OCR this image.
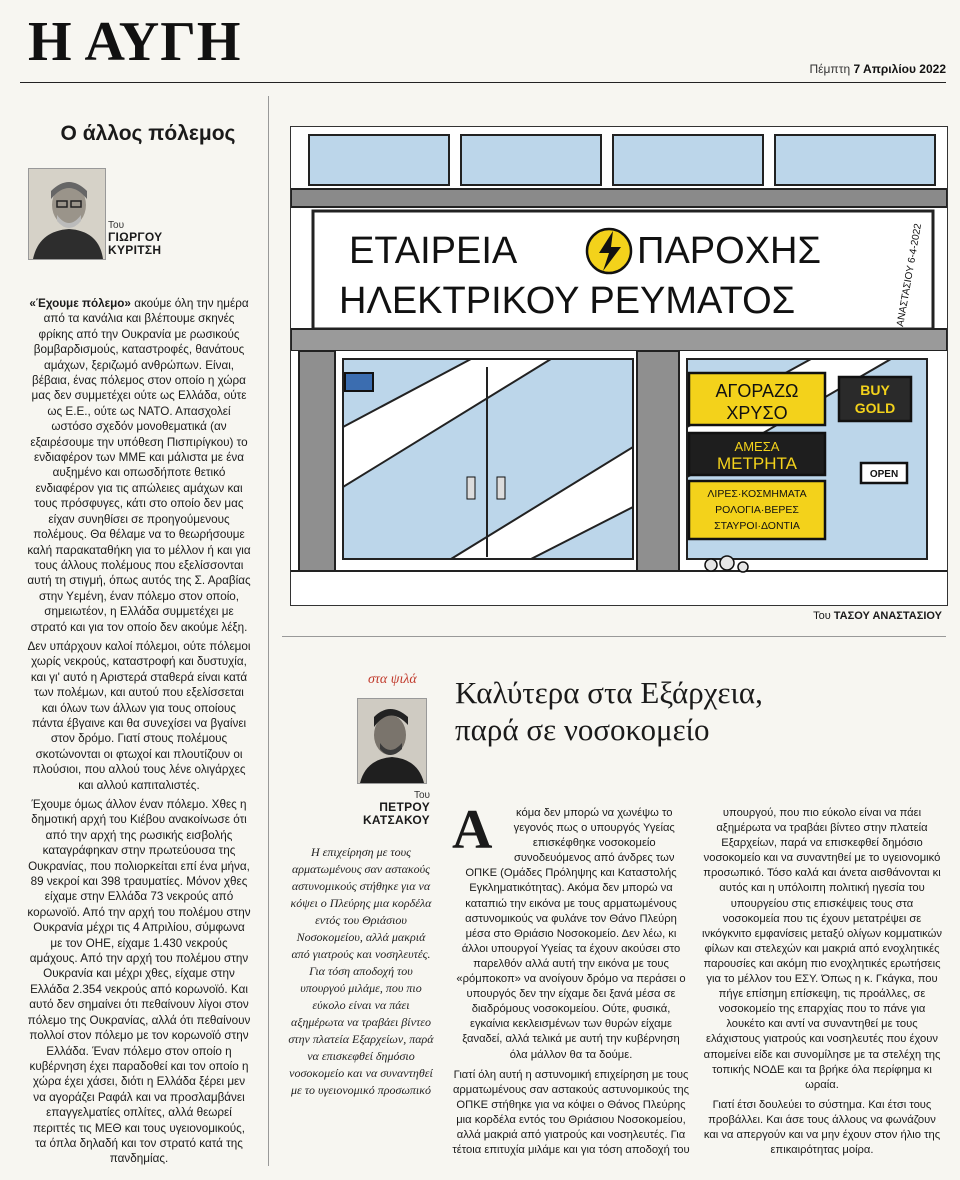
Η ΑΥΓΗ	Πέμπτη 7 Απριλίου 2022
Ο άλλος πόλεμος
Του
ΓΙΩΡΓΟΥ
ΚΥΡΙΤΣΗ

«Έχουμε πόλεμο» ακούμε όλη την ημέρα από τα κανάλια και βλέπουμε σκηνές φρίκης από την Ουκρανία με ρωσικούς βομβαρδισμούς, καταστροφές, θανάτους αμάχων, ξεριζωμό ανθρώπων. Είναι, βέβαια, ένας πόλεμος στον οποίο η χώρα μας δεν συμμετέχει ούτε ως Ελλάδα, ούτε ως Ε.Ε., ούτε ως ΝΑΤΟ. Απασχολεί ωστόσο σχεδόν μονοθεματικά (αν εξαιρέσουμε την υπόθεση Πισπιρίγκου) το ενδιαφέρον των ΜΜΕ και μάλιστα με ένα αυξημένο και οπωσδήποτε θετικό ενδιαφέρον για τις απώλειες αμάχων και τους πρόσφυγες, κάτι στο οποίο δεν μας είχαν συνηθίσει σε προηγούμενους πολέμους. Θα θέλαμε να το θεωρήσουμε καλή παρακαταθήκη για το μέλλον ή και για τους άλλους πολέμους που εξελίσσονται αυτή τη στιγμή, όπως αυτός της Σ. Αραβίας στην Υεμένη, έναν πόλεμο στον οποίο, σημειωτέον, η Ελλάδα συμμετέχει με στρατό και για τον οποίο δεν ακούμε λέξη.

Δεν υπάρχουν καλοί πόλεμοι, ούτε πόλεμοι χωρίς νεκρούς, καταστροφή και δυστυχία, και γι' αυτό η Αριστερά σταθερά είναι κατά των πολέμων, και αυτού που εξελίσσεται και όλων των άλλων για τους οποίους πάντα έβγαινε και θα συνεχίσει να βγαίνει στον δρόμο. Γιατί στους πολέμους σκοτώνονται οι φτωχοί και πλουτίζουν οι πλούσιοι, που αλλού τους λένε ολιγάρχες και αλλού καπιταλιστές.

Έχουμε όμως άλλον έναν πόλεμο. Χθες η δημοτική αρχή του Κιέβου ανακοίνωσε ότι από την αρχή της ρωσικής εισβολής καταγράφηκαν στην πρωτεύουσα της Ουκρανίας, που πολιορκείται επί ένα μήνα, 89 νεκροί και 398 τραυματίες. Μόνον χθες είχαμε στην Ελλάδα 73 νεκρούς από κορωνοϊό. Από την αρχή του πολέμου στην Ουκρανία μέχρι τις 4 Απριλίου, σύμφωνα με τον ΟΗΕ, είχαμε 1.430 νεκρούς αμάχους. Από την αρχή του πολέμου στην Ουκρανία και μέχρι χθες, είχαμε στην Ελλάδα 2.354 νεκρούς από κορωνοϊό. Και αυτό δεν σημαίνει ότι πεθαίνουν λίγοι στον πόλεμο της Ουκρανίας, αλλά ότι πεθαίνουν πολλοί στον πόλεμο με τον κορωνοϊό στην Ελλάδα. Έναν πόλεμο στον οποίο η κυβέρνηση έχει παραδοθεί και τον οποίο η χώρα έχει χάσει, διότι η Ελλάδα ξέρει μεν να αγοράζει Ραφάλ και να προσλαμβάνει επαγγελματίες οπλίτες, αλλά θεωρεί περιττές τις ΜΕΘ και τους υγειονομικούς, τα όπλα δηλαδή και τον στρατό κατά της πανδημίας.

ΕΤΑΙΡΕΙΑ	ΠΑΡΟΧΗΣ
ΗΛΕΚΤΡΙΚΟΥ ΡΕΥΜΑΤΟΣ	ΑΝΑΣΤΑΣΙΟΥ 6-4-2022
ΑΓΟΡΑΖΩ
ΧΡΥΣΟ
BUY
GOLD
ΑΜΕΣΑ
ΜΕΤΡΗΤΑ
ΛΙΡΕΣ·ΚΟΣΜΗΜΑΤΑ
ΡΟΛΟΓΙΑ·ΒΕΡΕΣ
ΣΤΑΥΡΟΙ·ΔΟΝΤΙΑ
OPEN
Του ΤΑΣΟΥ ΑΝΑΣΤΑΣΙΟΥ
στα ψιλά Καλύτερα στα Εξάρχεια,
παρά σε νοσοκομείο
Του
ΠΕΤΡΟΥ
ΚΑΤΣΑΚΟΥ
Η επιχείρηση με τους αρματωμένους σαν αστακούς αστυνομικούς στήθηκε για να κόψει ο Πλεύρης μια κορδέλα εντός του Θριάσιου Νοσοκομείου, αλλά μακριά από γιατρούς και νοσηλευτές. Για τόση αποδοχή του υπουργού μιλάμε, που πιο εύκολο είναι να πάει αξημέρωτα να τραβάει βίντεο στην πλατεία Εξαρχείων, παρά να επισκεφθεί δημόσιο νοσοκομείο και να συναντηθεί με το υγειονομικό προσωπικό

Α κόμα δεν μπορώ να χωνέψω το γεγονός πως ο υπουργός Υγείας επισκέφθηκε νοσοκομείο συνοδευόμενος από άνδρες των ΟΠΚΕ (Ομάδες Πρόληψης και Καταστολής Εγκληματικότητας). Ακόμα δεν μπορώ να καταπιώ την εικόνα με τους αρματωμένους αστυνομικούς να φυλάνε τον Θάνο Πλεύρη μέσα στο Θριάσιο Νοσοκομείο. Δεν λέω, κι άλλοι υπουργοί Υγείας τα έχουν ακούσει στο παρελθόν αλλά αυτή την εικόνα με τους «ρόμποκοπ» να ανοίγουν δρόμο να περάσει ο υπουργός δεν την είχαμε δει ξανά μέσα σε διαδρόμους νοσοκομείου. Ούτε, φυσικά, εγκαίνια κεκλεισμένων των θυρών είχαμε ξαναδεί, αλλά τελικά με αυτή την κυβέρνηση όλα μάλλον θα τα δούμε.

Γιατί όλη αυτή η αστυνομική επιχείρηση με τους αρματωμένους σαν αστακούς αστυνομικούς της ΟΠΚΕ στήθηκε για να κόψει ο Θάνος Πλεύρης μια κορδέλα εντός του Θριάσιου Νοσοκομείου, αλλά μακριά από γιατρούς και νοσηλευτές. Για τέτοια επιτυχία μιλάμε και για τόση αποδοχή του

υπουργού, που πιο εύκολο είναι να πάει αξημέρωτα να τραβάει βίντεο στην πλατεία Εξαρχείων, παρά να επισκεφθεί δημόσιο νοσοκομείο και να συναντηθεί με το υγειονομικό προσωπικό. Τόσο καλά και άνετα αισθάνονται κι αυτός και η υπόλοιπη πολιτική ηγεσία του υπουργείου στις επισκέψεις τους στα νοσοκομεία που τις έχουν μετατρέψει σε ινκόγκνιτο εμφανίσεις μεταξύ ολίγων κομματικών φίλων και στελεχών και μακριά από ενοχλητικές παρουσίες και ακόμη πιο ενοχλητικές ερωτήσεις για το μέλλον του ΕΣΥ. Όπως η κ. Γκάγκα, που πήγε επίσημη επίσκεψη, τις προάλλες, σε νοσοκομείο της επαρχίας που το πάνε για λουκέτο και αντί να συναντηθεί με τους ελάχιστους γιατρούς και νοσηλευτές που έχουν απομείνει είδε και συνομίλησε με τα στελέχη της τοπικής ΝΟΔΕ και τα βρήκε όλα περίφημα κι ωραία.

Γιατί έτσι δουλεύει το σύστημα. Και έτσι τους προβάλλει. Και άσε τους άλλους να φωνάζουν και να απεργούν και να μην έχουν στον ήλιο της επικαιρότητας μοίρα.
